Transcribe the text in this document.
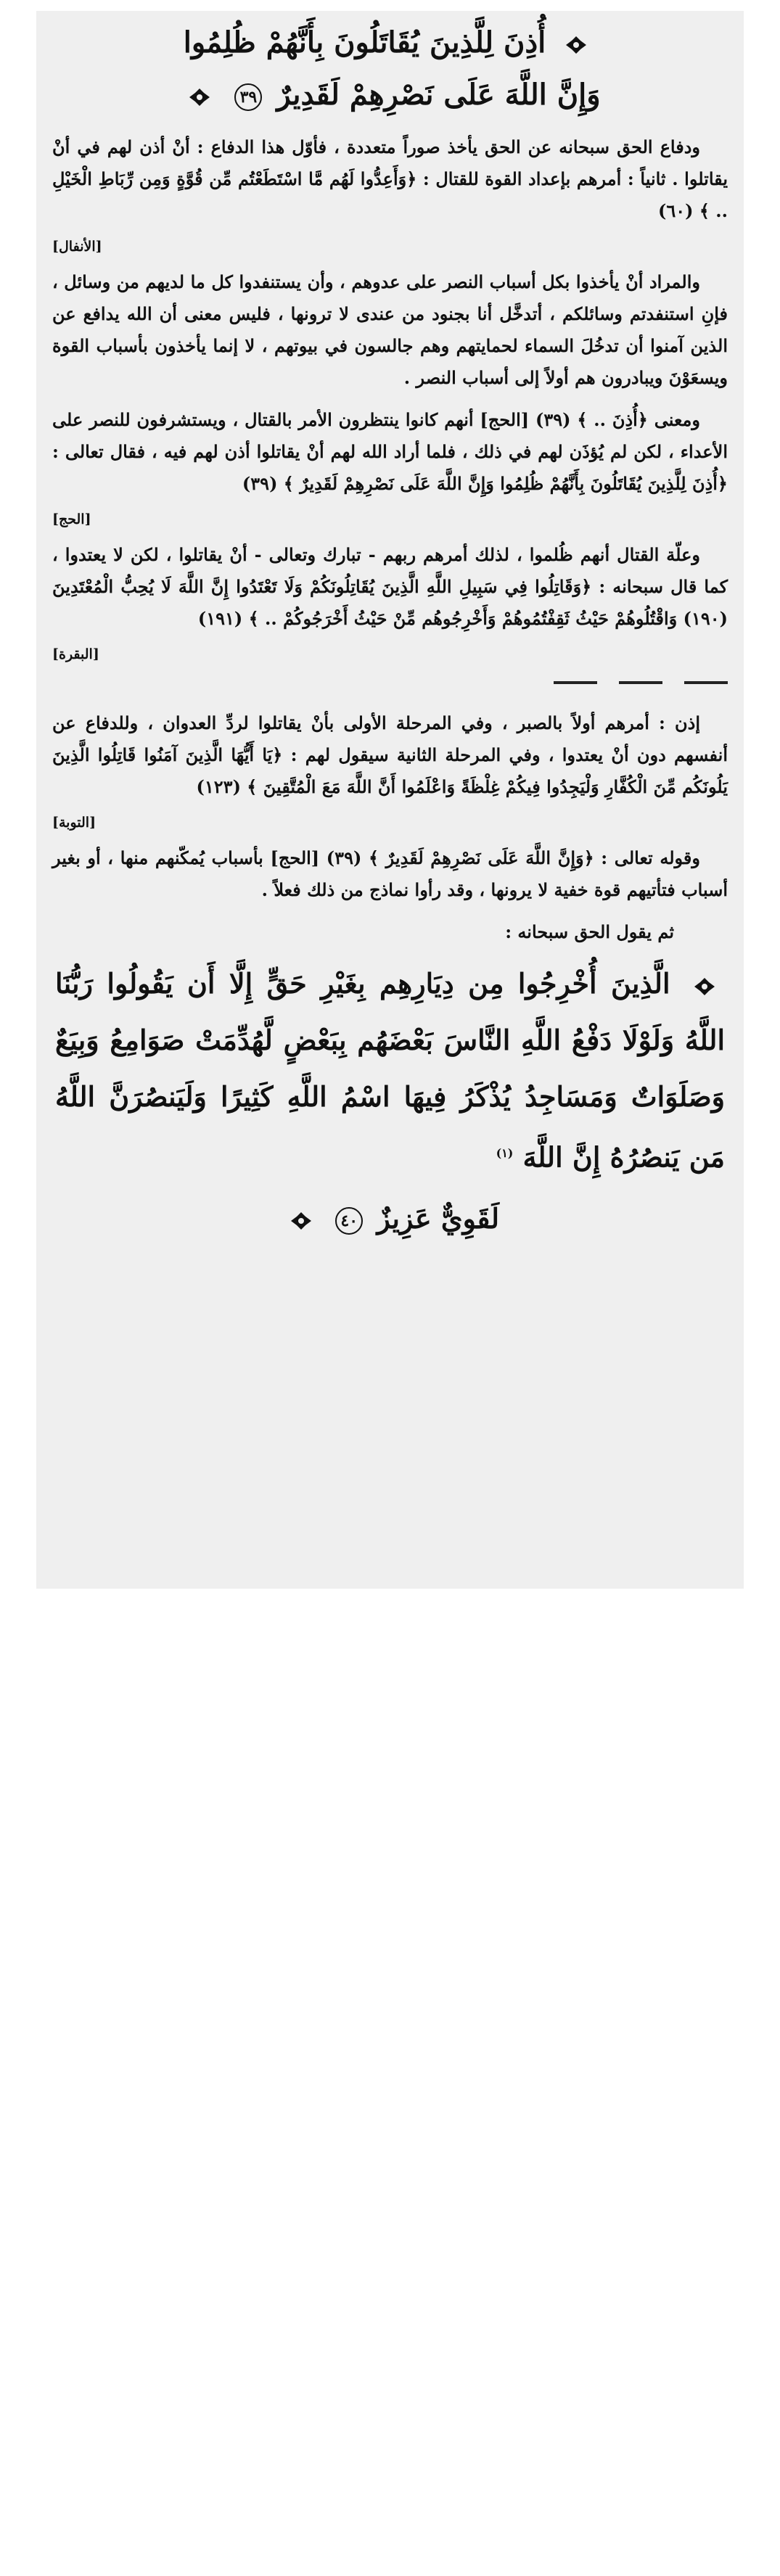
أُذِنَ لِلَّذِينَ يُقَاتَلُونَ بِأَنَّهُمْ ظُلِمُوا
وَإِنَّ اللَّهَ عَلَى نَصْرِهِمْ لَقَدِيرٌ ٣٩

ودفاع الحق سبحانه عن الحق يأخذ صوراً متعددة ، فأوّل هذا الدفاع : أنْ أذن لهم في أنْ يقاتلوا . ثانياً : أمرهم بإعداد القوة للقتال : ﴿وَأَعِدُّوا لَهُم مَّا اسْتَطَعْتُم مِّن قُوَّةٍ وَمِن رِّبَاطِ الْخَيْلِ .. ﴾ (٦٠)

[الأنفال]

والمراد أنْ يأخذوا بكل أسباب النصر على عدوهم ، وأن يستنفدوا كل ما لديهم من وسائل ، فإنِ استنفدتم وسائلكم ، أتدخَّل أنا بجنود من عندى لا ترونها ، فليس معنى أن الله يدافع عن الذين آمنوا أن تدخُلَ السماء لحمايتهم وهم جالسون في بيوتهم ، لا إنما يأخذون بأسباب القوة ويسعَوْنَ ويبادرون هم أولاً إلى أسباب النصر .

ومعنى ﴿أُذِنَ .. ﴾ (٣٩) [الحج] أنهم كانوا ينتظرون الأمر بالقتال ، ويستشرفون للنصر على الأعداء ، لكن لم يُؤذَن لهم في ذلك ، فلما أراد الله لهم أنْ يقاتلوا أذن لهم فيه ، فقال تعالى : ﴿أُذِنَ لِلَّذِينَ يُقَاتَلُونَ بِأَنَّهُمْ ظُلِمُوا وَإِنَّ اللَّهَ عَلَى نَصْرِهِمْ لَقَدِيرٌ ﴾ (٣٩)

[الحج]

وعلّة القتال أنهم ظُلموا ، لذلك أمرهم ربهم - تبارك وتعالى - أنْ يقاتلوا ، لكن لا يعتدوا ، كما قال سبحانه : ﴿وَقَاتِلُوا فِي سَبِيلِ اللَّهِ الَّذِينَ يُقَاتِلُونَكُمْ وَلَا تَعْتَدُوا إِنَّ اللَّهَ لَا يُحِبُّ الْمُعْتَدِينَ (١٩٠) وَاقْتُلُوهُمْ حَيْثُ ثَقِفْتُمُوهُمْ وَأَخْرِجُوهُم مِّنْ حَيْثُ أَخْرَجُوكُمْ .. ﴾ (١٩١)

[البقرة]

إذن : أمرهم أولاً بالصبر ، وفي المرحلة الأولى بأنْ يقاتلوا لردِّ العدوان ، وللدفاع عن أنفسهم دون أنْ يعتدوا ، وفي المرحلة الثانية سيقول لهم : ﴿يَا أَيُّهَا الَّذِينَ آمَنُوا قَاتِلُوا الَّذِينَ يَلُونَكُم مِّنَ الْكُفَّارِ وَلْيَجِدُوا فِيكُمْ غِلْظَةً وَاعْلَمُوا أَنَّ اللَّهَ مَعَ الْمُتَّقِينَ ﴾ (١٢٣)

[التوبة]

وقوله تعالى : ﴿وَإِنَّ اللَّهَ عَلَى نَصْرِهِمْ لَقَدِيرٌ ﴾ (٣٩) [الحج] بأسباب يُمكّنهم منها ، أو بغير أسباب فتأتيهم قوة خفية لا يرونها ، وقد رأوا نماذج من ذلك فعلاً .

ثم يقول الحق سبحانه :

الَّذِينَ أُخْرِجُوا مِن دِيَارِهِم بِغَيْرِ حَقٍّ إِلَّا أَن يَقُولُوا رَبُّنَا اللَّهُ وَلَوْلَا دَفْعُ اللَّهِ النَّاسَ بَعْضَهُم بِبَعْضٍ لَّهُدِّمَتْ صَوَامِعُ وَبِيَعٌ وَصَلَوَاتٌ وَمَسَاجِدُ يُذْكَرُ فِيهَا اسْمُ اللَّهِ كَثِيرًا وَلَيَنصُرَنَّ اللَّهُ مَن يَنصُرُهُ إِنَّ اللَّهَ $^{(١)}$
لَقَوِيٌّ عَزِيزٌ ٤٠
